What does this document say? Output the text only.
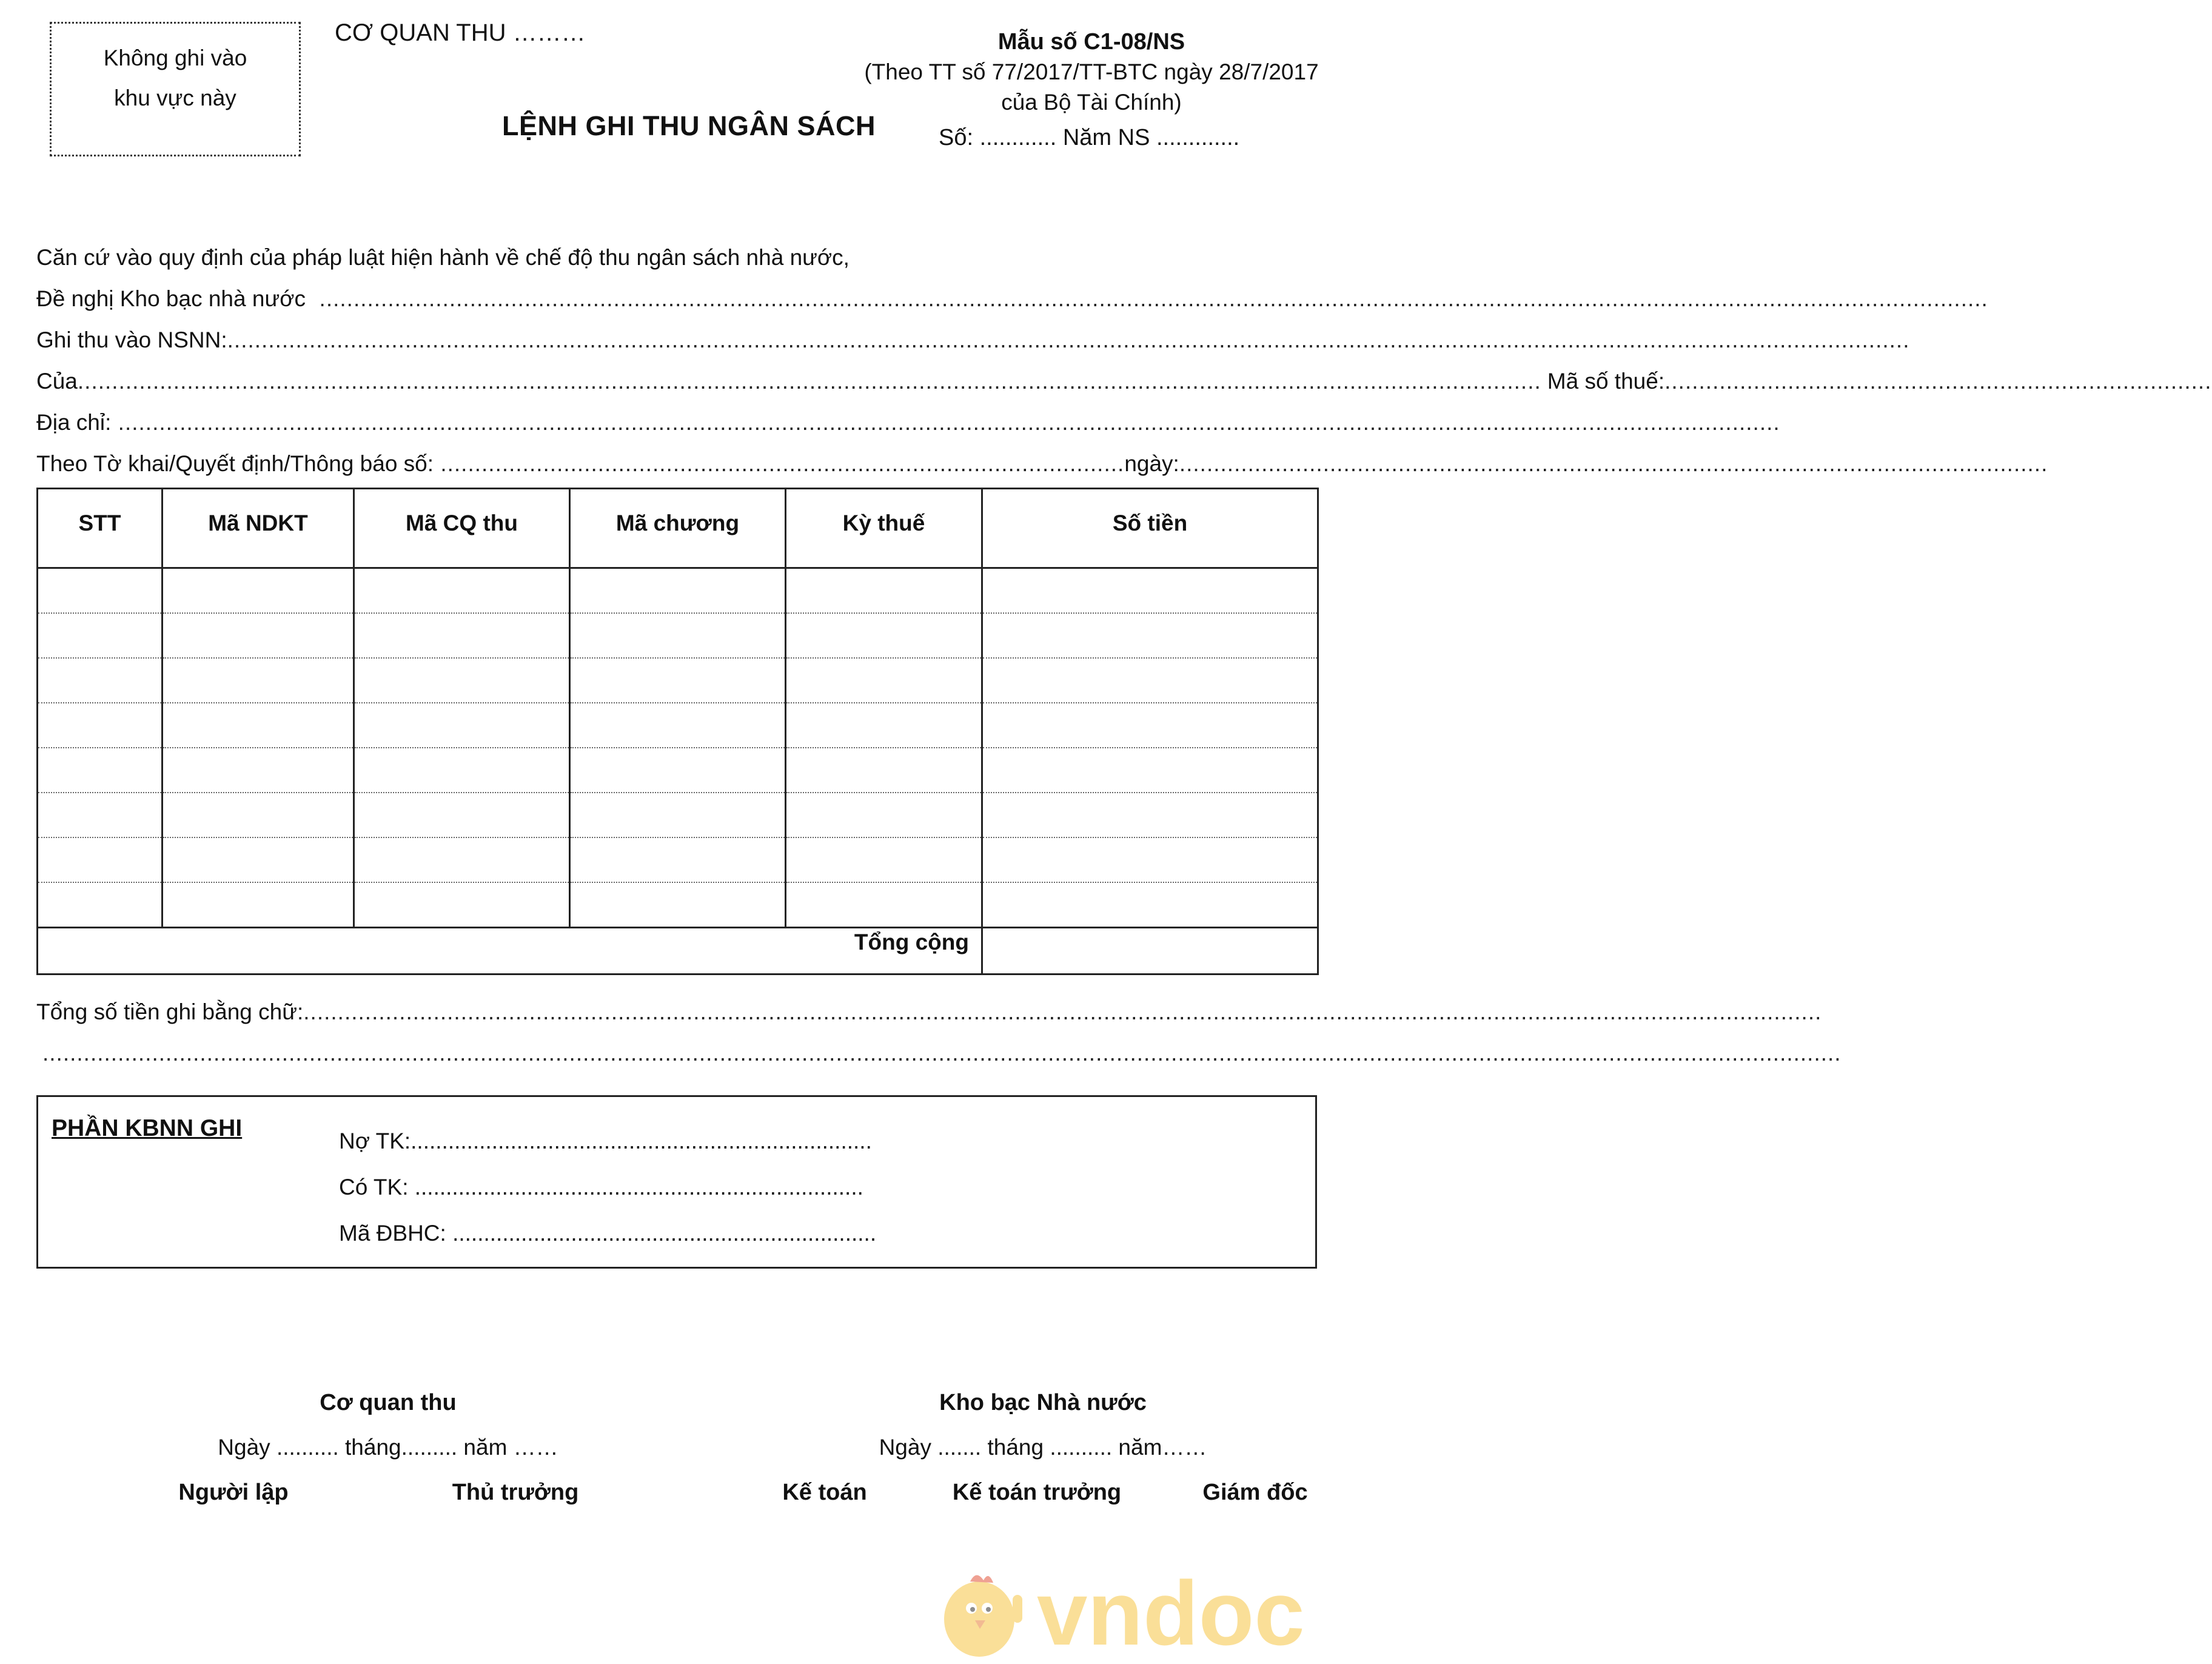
Không ghi vào
khu vực này
CƠ QUAN THU ………
LỆNH GHI THU NGÂN SÁCH
Mẫu số C1-08/NS
(Theo TT số 77/2017/TT-BTC ngày 28/7/2017
của Bộ Tài Chính)
Số: ............ Năm NS .............
Căn cứ vào quy định của pháp luật hiện hành về chế độ thu ngân sách nhà nước,
Đề nghị Kho bạc nhà nước ....................................................................................................................................................................................................................................................
Ghi thu vào NSNN: ......................................................................................................................................................................................................................................................
Của ...................................................................................................................................................................................................................... Mã số thuế: ................................................................................
Địa chỉ: ...................................................................................................................................................................................................................................................
Theo Tờ khai/Quyết định/Thông báo số: .................................................................................................... ngày: ...............................................................................................................................
STT	Mã NDKT	Mã CQ thu	Mã chương	Kỳ thuế	Số tiền

Tổng cộng					
Tổng số tiền ghi bằng chữ: ..............................................................................................................................................................................................................................
.......................................................................................................................................................................................................................................................................
PHẦN KBNN GHI	Nợ TK:..........................................................................
Có TK: ........................................................................
Mã ĐBHC: ....................................................................
Cơ quan thu
Ngày .......... tháng......... năm ……
Người lập	Thủ trưởng
Kho bạc Nhà nước
Ngày ....... tháng .......... năm……
Kế toán	Kế toán trưởng	Giám đốc
vndoc
